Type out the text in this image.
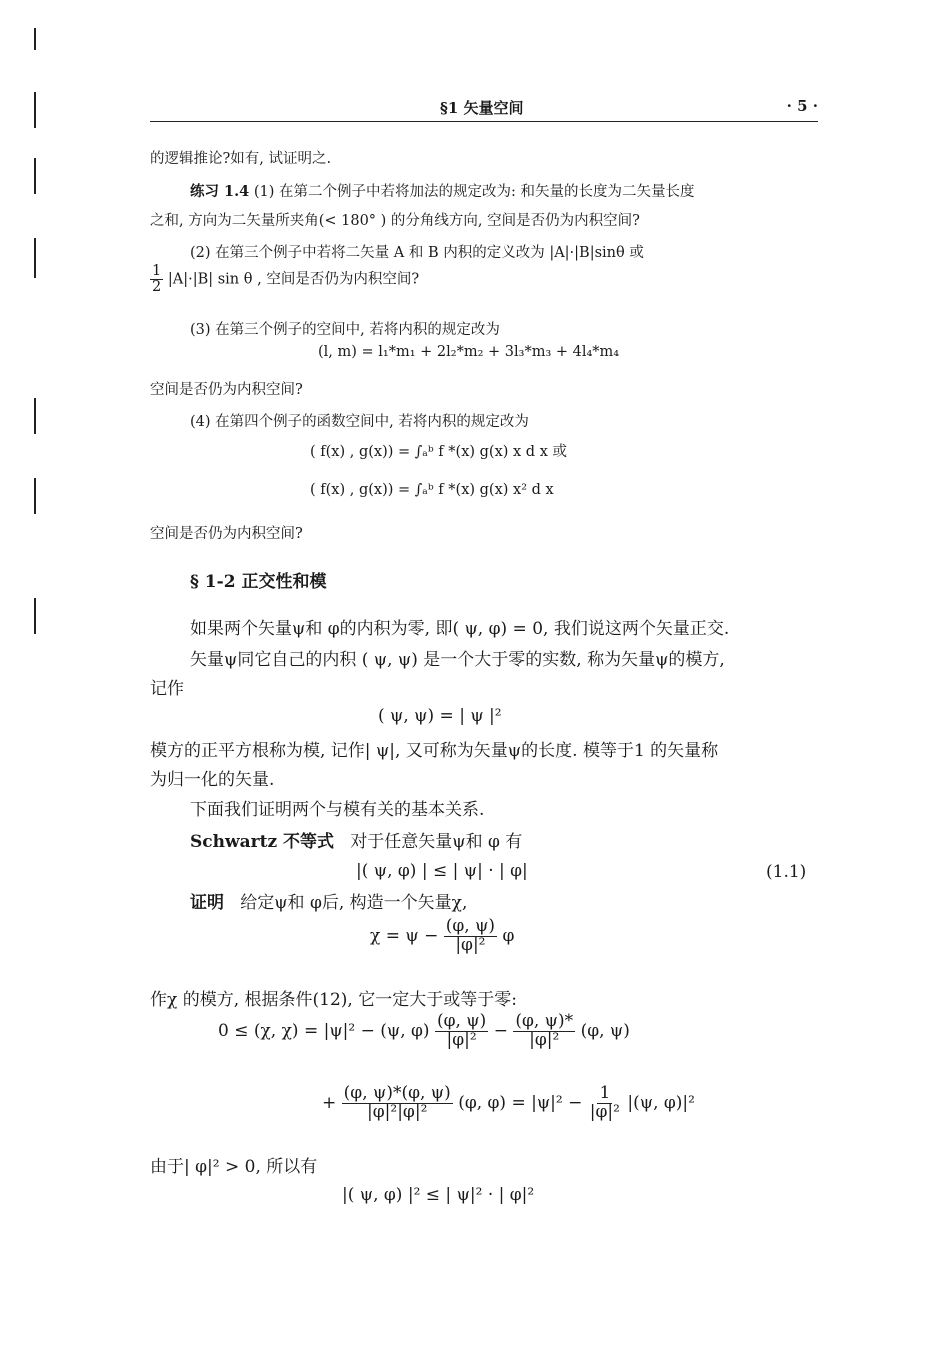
§1 矢量空间	· 5 ·
的逻辑推论?如有, 试证明之.
练习 1.4 (1) 在第二个例子中若将加法的规定改为: 和矢量的长度为二矢量长度
之和, 方向为二矢量所夹角(< 180° ) 的分角线方向, 空间是否仍为内积空间?
(2) 在第三个例子中若将二矢量 A 和 B 内积的定义改为 |A|·|B|sinθ 或
$\frac{1}{2} |A|\cdot|B|$ sin θ , 空间是否仍为内积空间?
(3) 在第三个例子的空间中, 若将内积的规定改为
(l, m) = l₁*m₁ + 2l₂*m₂ + 3l₃*m₃ + 4l₄*m₄
空间是否仍为内积空间?
(4) 在第四个例子的函数空间中, 若将内积的规定改为
( f(x) , g(x)) = ∫ₐᵇ f *(x) g(x) x d x 或
( f(x) , g(x)) = ∫ₐᵇ f *(x) g(x) x² d x
空间是否仍为内积空间?
§ 1-2 正交性和模
如果两个矢量ψ和 φ的内积为零, 即( ψ, φ) = 0, 我们说这两个矢量正交.
矢量ψ同它自己的内积 ( ψ, ψ) 是一个大于零的实数, 称为矢量ψ的模方,
记作
( ψ, ψ) = | ψ |²
模方的正平方根称为模, 记作| ψ|, 又可称为矢量ψ的长度. 模等于1 的矢量称
为归一化的矢量.
下面我们证明两个与模有关的基本关系.
Schwartz 不等式 对于任意矢量ψ和 φ 有
|( ψ, φ) | ≤ | ψ| · | φ|	(1.1)
证明 给定ψ和 φ后, 构造一个矢量χ,
$\chi = \psi - \frac{(\varphi, \psi)}{\text{|φ|²}}$ φ
作χ 的模方, 根据条件(12), 它一定大于或等于零:
0 ≤ (χ, χ) = |ψ|² − (ψ, $\varphi) \frac{(\varphi, \psi)}{\text{|φ|²}} - \frac{(\varphi, \psi)*}{\text{|φ|²}} (\varphi$, ψ)
+ $\frac{(\varphi, \psi)*(\varphi, \psi)}{\text{|φ|²|φ|²}} (\varphi$, $\varphi) = |\psi|^2 - \frac{1}{\text{|φ|²}} |(\psi$, φ)|²
由于| φ|² > 0, 所以有
|( ψ, φ) |² ≤ | ψ|² · | φ|²
